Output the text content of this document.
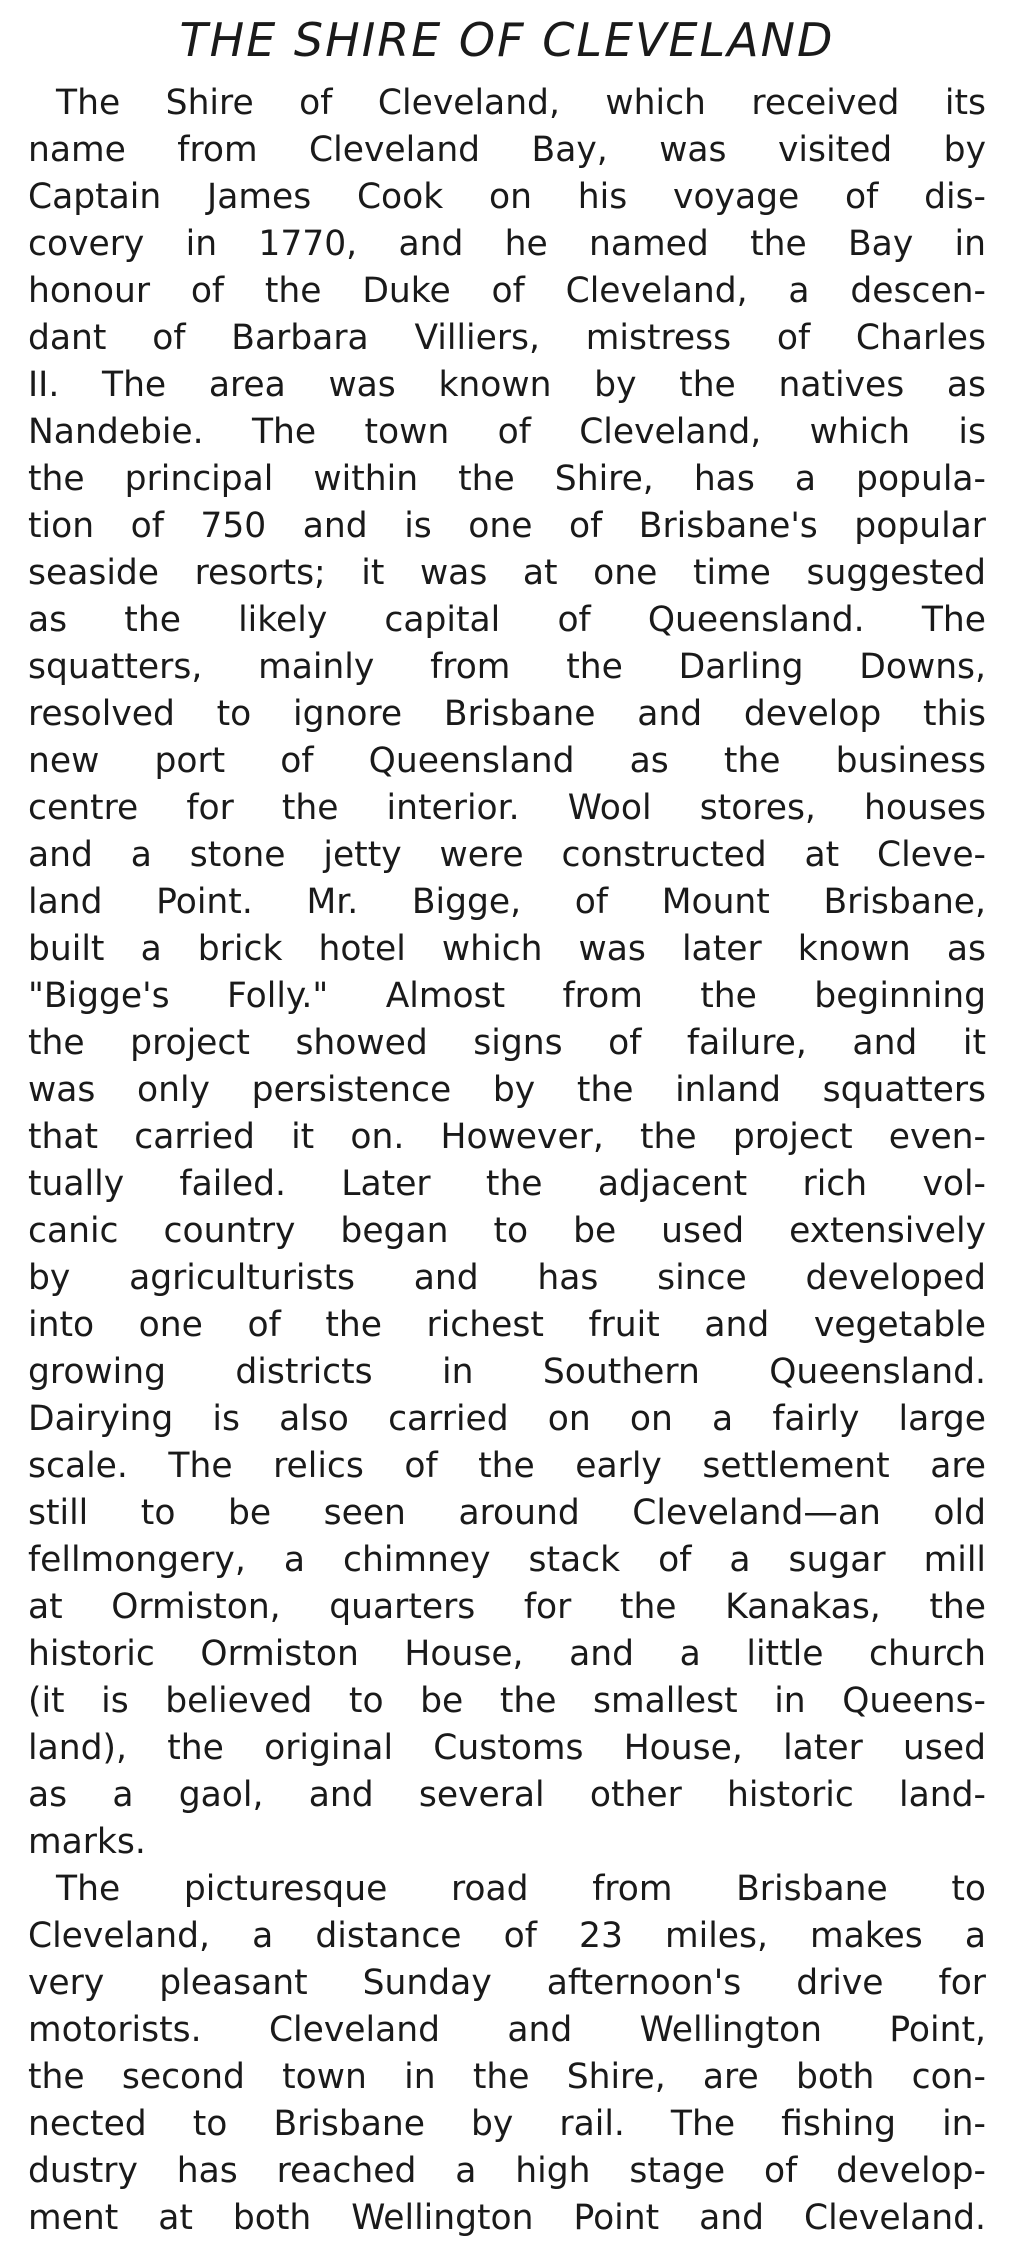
THE SHIRE OF CLEVELAND
The Shire of Cleveland, which received its
name from Cleveland Bay, was visited by
Captain James Cook on his voyage of dis-
covery in 1770, and he named the Bay in
honour of the Duke of Cleveland, a descen-
dant of Barbara Villiers, mistress of Charles
II. The area was known by the natives as
Nandebie. The town of Cleveland, which is
the principal within the Shire, has a popula-
tion of 750 and is one of Brisbane's popular
seaside resorts; it was at one time suggested
as the likely capital of Queensland. The
squatters, mainly from the Darling Downs,
resolved to ignore Brisbane and develop this
new port of Queensland as the business
centre for the interior. Wool stores, houses
and a stone jetty were constructed at Cleve-
land Point. Mr. Bigge, of Mount Brisbane,
built a brick hotel which was later known as
"Bigge's Folly." Almost from the beginning
the project showed signs of failure, and it
was only persistence by the inland squatters
that carried it on. However, the project even-
tually failed. Later the adjacent rich vol-
canic country began to be used extensively
by agriculturists and has since developed
into one of the richest fruit and vegetable
growing districts in Southern Queensland.
Dairying is also carried on on a fairly large
scale. The relics of the early settlement are
still to be seen around Cleveland—an old
fellmongery, a chimney stack of a sugar mill
at Ormiston, quarters for the Kanakas, the
historic Ormiston House, and a little church
(it is believed to be the smallest in Queens-
land), the original Customs House, later used
as a gaol, and several other historic land-
marks.
The picturesque road from Brisbane to
Cleveland, a distance of 23 miles, makes a
very pleasant Sunday afternoon's drive for
motorists. Cleveland and Wellington Point,
the second town in the Shire, are both con-
nected to Brisbane by rail. The fishing in-
dustry has reached a high stage of develop-
ment at both Wellington Point and Cleveland.
